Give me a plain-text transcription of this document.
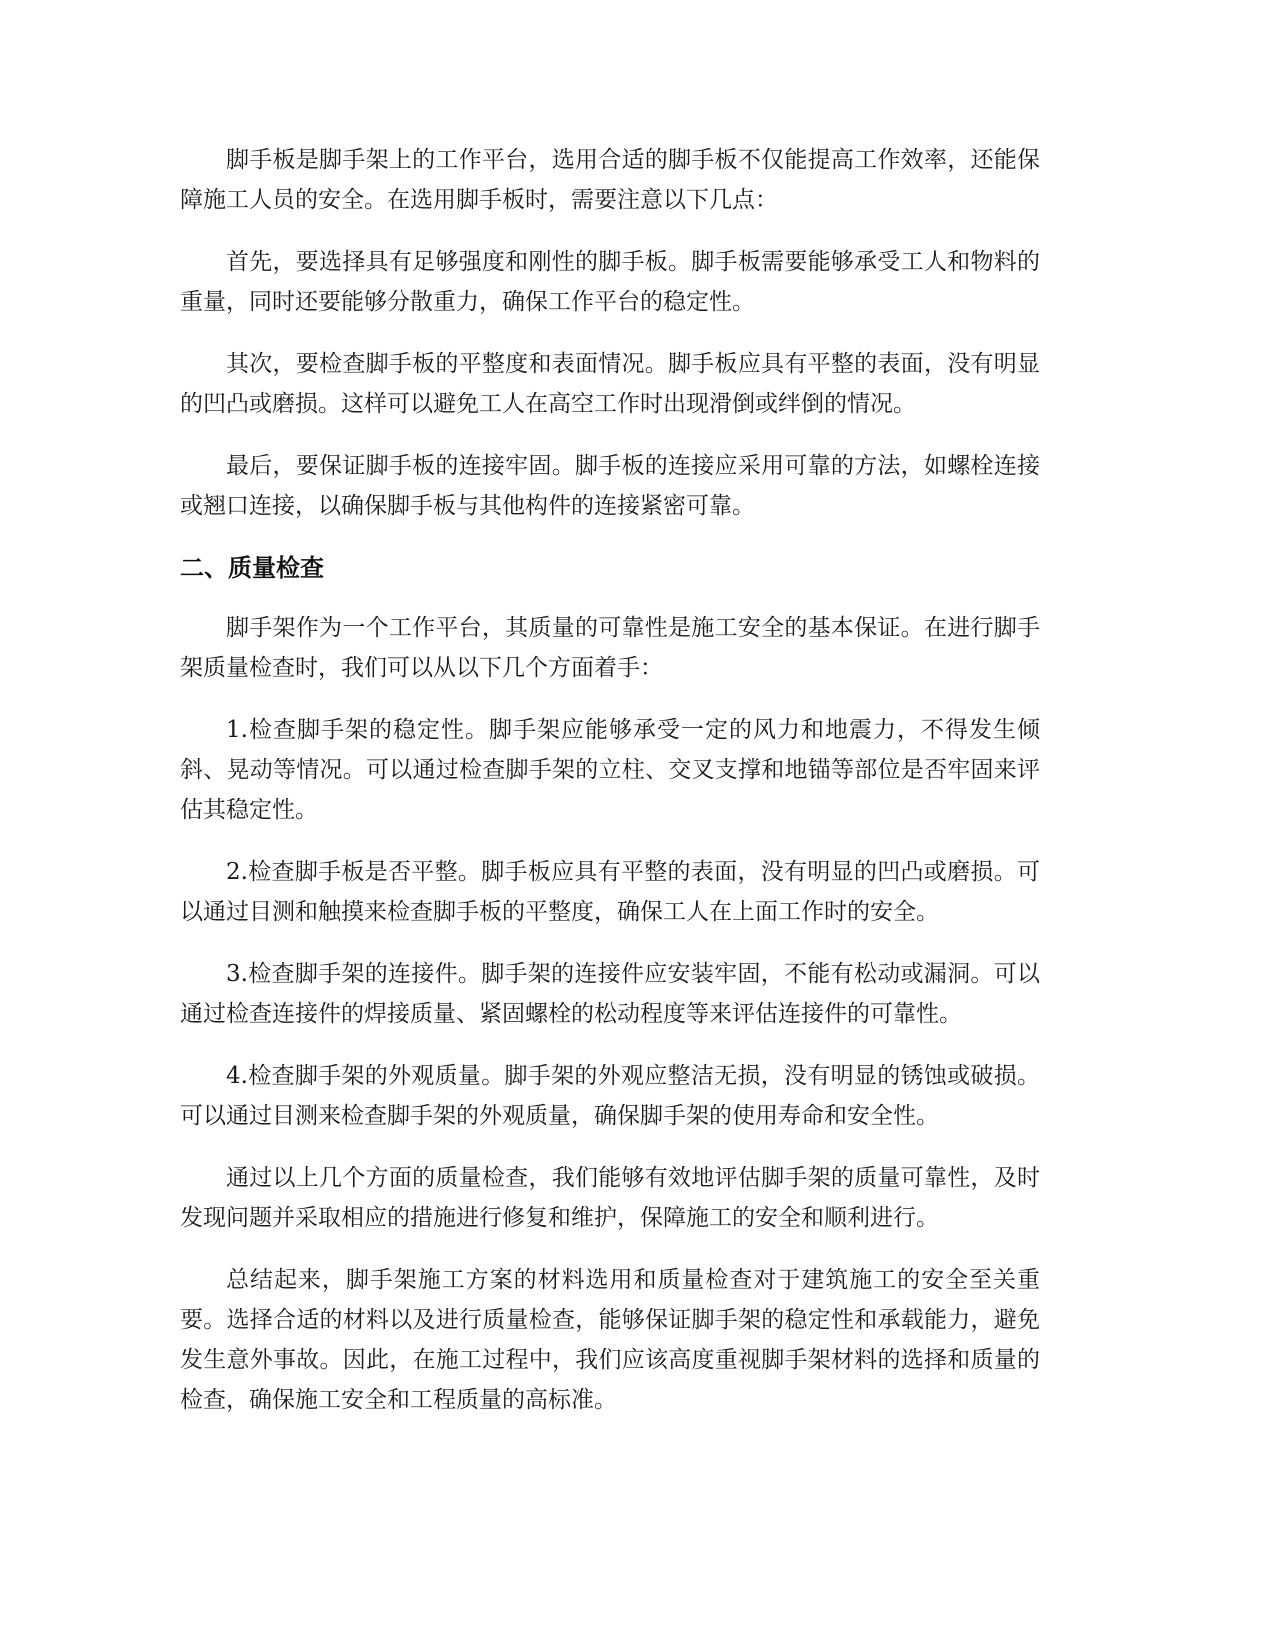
脚手板是脚手架上的工作平台，选用合适的脚手板不仅能提高工作效率，还能保障施工人员的安全。在选用脚手板时，需要注意以下几点：

首先，要选择具有足够强度和刚性的脚手板。脚手板需要能够承受工人和物料的重量，同时还要能够分散重力，确保工作平台的稳定性。

其次，要检查脚手板的平整度和表面情况。脚手板应具有平整的表面，没有明显的凹凸或磨损。这样可以避免工人在高空工作时出现滑倒或绊倒的情况。

最后，要保证脚手板的连接牢固。脚手板的连接应采用可靠的方法，如螺栓连接或翘口连接，以确保脚手板与其他构件的连接紧密可靠。

二、质量检查

脚手架作为一个工作平台，其质量的可靠性是施工安全的基本保证。在进行脚手架质量检查时，我们可以从以下几个方面着手：

1.检查脚手架的稳定性。脚手架应能够承受一定的风力和地震力，不得发生倾斜、晃动等情况。可以通过检查脚手架的立柱、交叉支撑和地锚等部位是否牢固来评估其稳定性。

2.检查脚手板是否平整。脚手板应具有平整的表面，没有明显的凹凸或磨损。可以通过目测和触摸来检查脚手板的平整度，确保工人在上面工作时的安全。

3.检查脚手架的连接件。脚手架的连接件应安装牢固，不能有松动或漏洞。可以通过检查连接件的焊接质量、紧固螺栓的松动程度等来评估连接件的可靠性。

4.检查脚手架的外观质量。脚手架的外观应整洁无损，没有明显的锈蚀或破损。可以通过目测来检查脚手架的外观质量，确保脚手架的使用寿命和安全性。

通过以上几个方面的质量检查，我们能够有效地评估脚手架的质量可靠性，及时发现问题并采取相应的措施进行修复和维护，保障施工的安全和顺利进行。

总结起来，脚手架施工方案的材料选用和质量检查对于建筑施工的安全至关重要。选择合适的材料以及进行质量检查，能够保证脚手架的稳定性和承载能力，避免发生意外事故。因此，在施工过程中，我们应该高度重视脚手架材料的选择和质量的检查，确保施工安全和工程质量的高标准。
